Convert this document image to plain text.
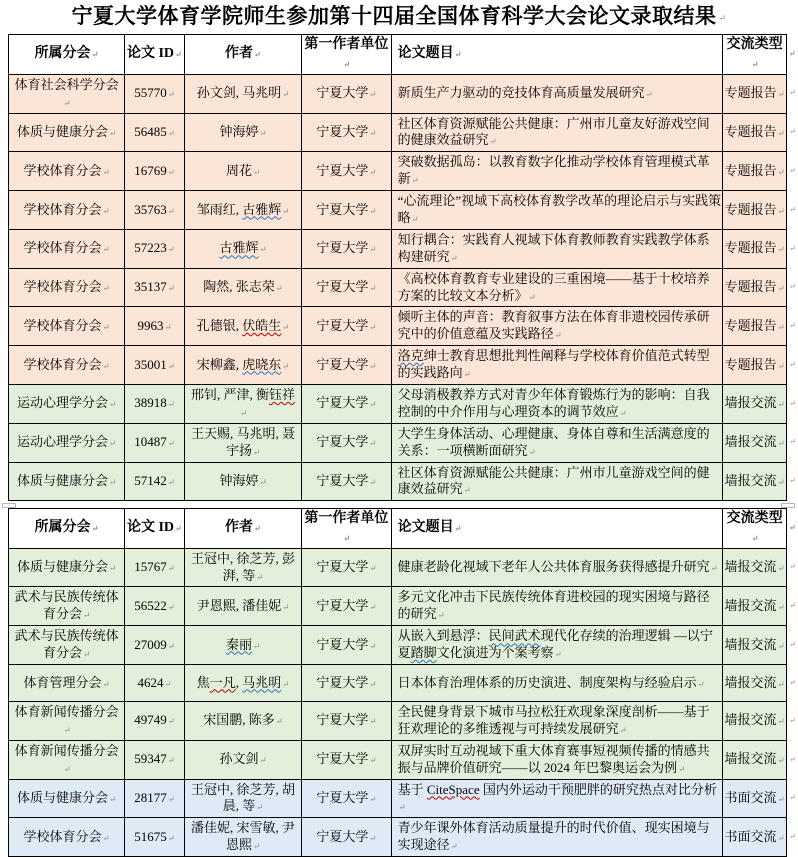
宁夏大学体育学院师生参加第十四届全国体育科学大会论文录取结果 ↵
所属分会 ↵	论文 ID ↵	作者 ↵	第一作者单位 ↵	论文题目 ↵	交流类型 ↵	↵
体育社会科学分会 ↵	55770 ↵	孙文剑, 马兆明 ↵	宁夏大学 ↵	新质生产力驱动的竞技体育高质量发展研究 ↵	专题报告 ↵	↵
体质与健康分会 ↵	56485 ↵	钟海婷 ↵	宁夏大学 ↵	社区体育资源赋能公共健康：广州市儿童友好游戏空间的健康效益研究 ↵	专题报告 ↵	↵
学校体育分会 ↵	16769 ↵	周花 ↵	宁夏大学 ↵	突破数据孤岛：以教育数字化推动学校体育管理模式革新 ↵	专题报告 ↵	↵
学校体育分会 ↵	35763 ↵	邹雨红, 古雅辉 ↵	宁夏大学 ↵	“心流理论”视域下高校体育教学改革的理论启示与实践策略 ↵	专题报告 ↵	↵
学校体育分会 ↵	57223 ↵	古雅辉 ↵	宁夏大学 ↵	知行耦合：实践育人视域下体育教师教育实践教学体系构建研究 ↵	专题报告 ↵	↵
学校体育分会 ↵	35137 ↵	陶然, 张志荣 ↵	宁夏大学 ↵	《高校体育教育专业建设的三重困境——基于十校培养方案的比较文本分析》 ↵	专题报告 ↵	↵
学校体育分会 ↵	9963 ↵	孔德银, 伏皓生 ↵	宁夏大学 ↵	倾听主体的声音：教育叙事方法在体育非遗校园传承研究中的价值意蕴及实践路径 ↵	专题报告 ↵	↵
学校体育分会 ↵	35001 ↵	宋柳鑫, 虎晓东 ↵	宁夏大学 ↵	洛克绅士教育思想批判性阐释与学校体育价值范式转型的实践路向 ↵	专题报告 ↵	↵
运动心理学分会 ↵	38918 ↵	邢钊, 严津, 衡钰祥 ↵	宁夏大学 ↵	父母消极教养方式对青少年体育锻炼行为的影响：自我控制的中介作用与心理资本的调节效应 ↵	墙报交流 ↵	↵
运动心理学分会 ↵	10487 ↵	王天赐, 马兆明, 聂宇扬 ↵	宁夏大学 ↵	大学生身体活动、心理健康、身体自尊和生活满意度的关系：一项横断面研究 ↵	墙报交流 ↵	↵
体质与健康分会 ↵	57142 ↵	钟海婷 ↵	宁夏大学 ↵	社区体育资源赋能公共健康：广州市儿童游戏空间的健康效益研究 ↵	墙报交流 ↵	↵
所属分会 ↵	论文 ID ↵	作者 ↵	第一作者单位 ↵	论文题目 ↵	交流类型 ↵	↵
体质与健康分会 ↵	15767 ↵	王冠中, 徐芝芳, 彭湃, 等 ↵	宁夏大学 ↵	健康老龄化视域下老年人公共体育服务获得感提升研究 ↵	墙报交流 ↵	↵
武术与民族传统体育分会 ↵	56522 ↵	尹恩熙, 潘佳妮 ↵	宁夏大学 ↵	多元文化冲击下民族传统体育进校园的现实困境与路径的研究 ↵	墙报交流 ↵	↵
武术与民族传统体育分会 ↵	27009 ↵	秦丽 ↵	宁夏大学 ↵	从嵌入到悬浮：民间武术现代化存续的治理逻辑 —以宁夏踏脚文化演进为个案考察 ↵	墙报交流 ↵	↵
体育管理分会 ↵	4624 ↵	焦一凡, 马兆明 ↵	宁夏大学 ↵	日本体育治理体系的历史演进、制度架构与经验启示 ↵	墙报交流 ↵	↵
体育新闻传播分会 ↵	49749 ↵	宋国鹏, 陈多 ↵	宁夏大学 ↵	全民健身背景下城市马拉松狂欢现象深度剖析——基于狂欢理论的多维透视与可持续发展研究 ↵	墙报交流 ↵	↵
体育新闻传播分会 ↵	59347 ↵	孙文剑 ↵	宁夏大学 ↵	双屏实时互动视域下重大体育赛事短视频传播的情感共振与品牌价值研究——以 2024 年巴黎奥运会为例 ↵	墙报交流 ↵	↵
体质与健康分会 ↵	28177 ↵	王冠中, 徐芝芳, 胡晨, 等 ↵	宁夏大学 ↵	基于 CiteSpace 国内外运动干预肥胖的研究热点对比分析 ↵	书面交流 ↵	↵
学校体育分会 ↵	51675 ↵	潘佳妮, 宋雪敏, 尹恩熙 ↵	宁夏大学 ↵	青少年课外体育活动质量提升的时代价值、现实困境与实现途径 ↵	书面交流 ↵	↵
